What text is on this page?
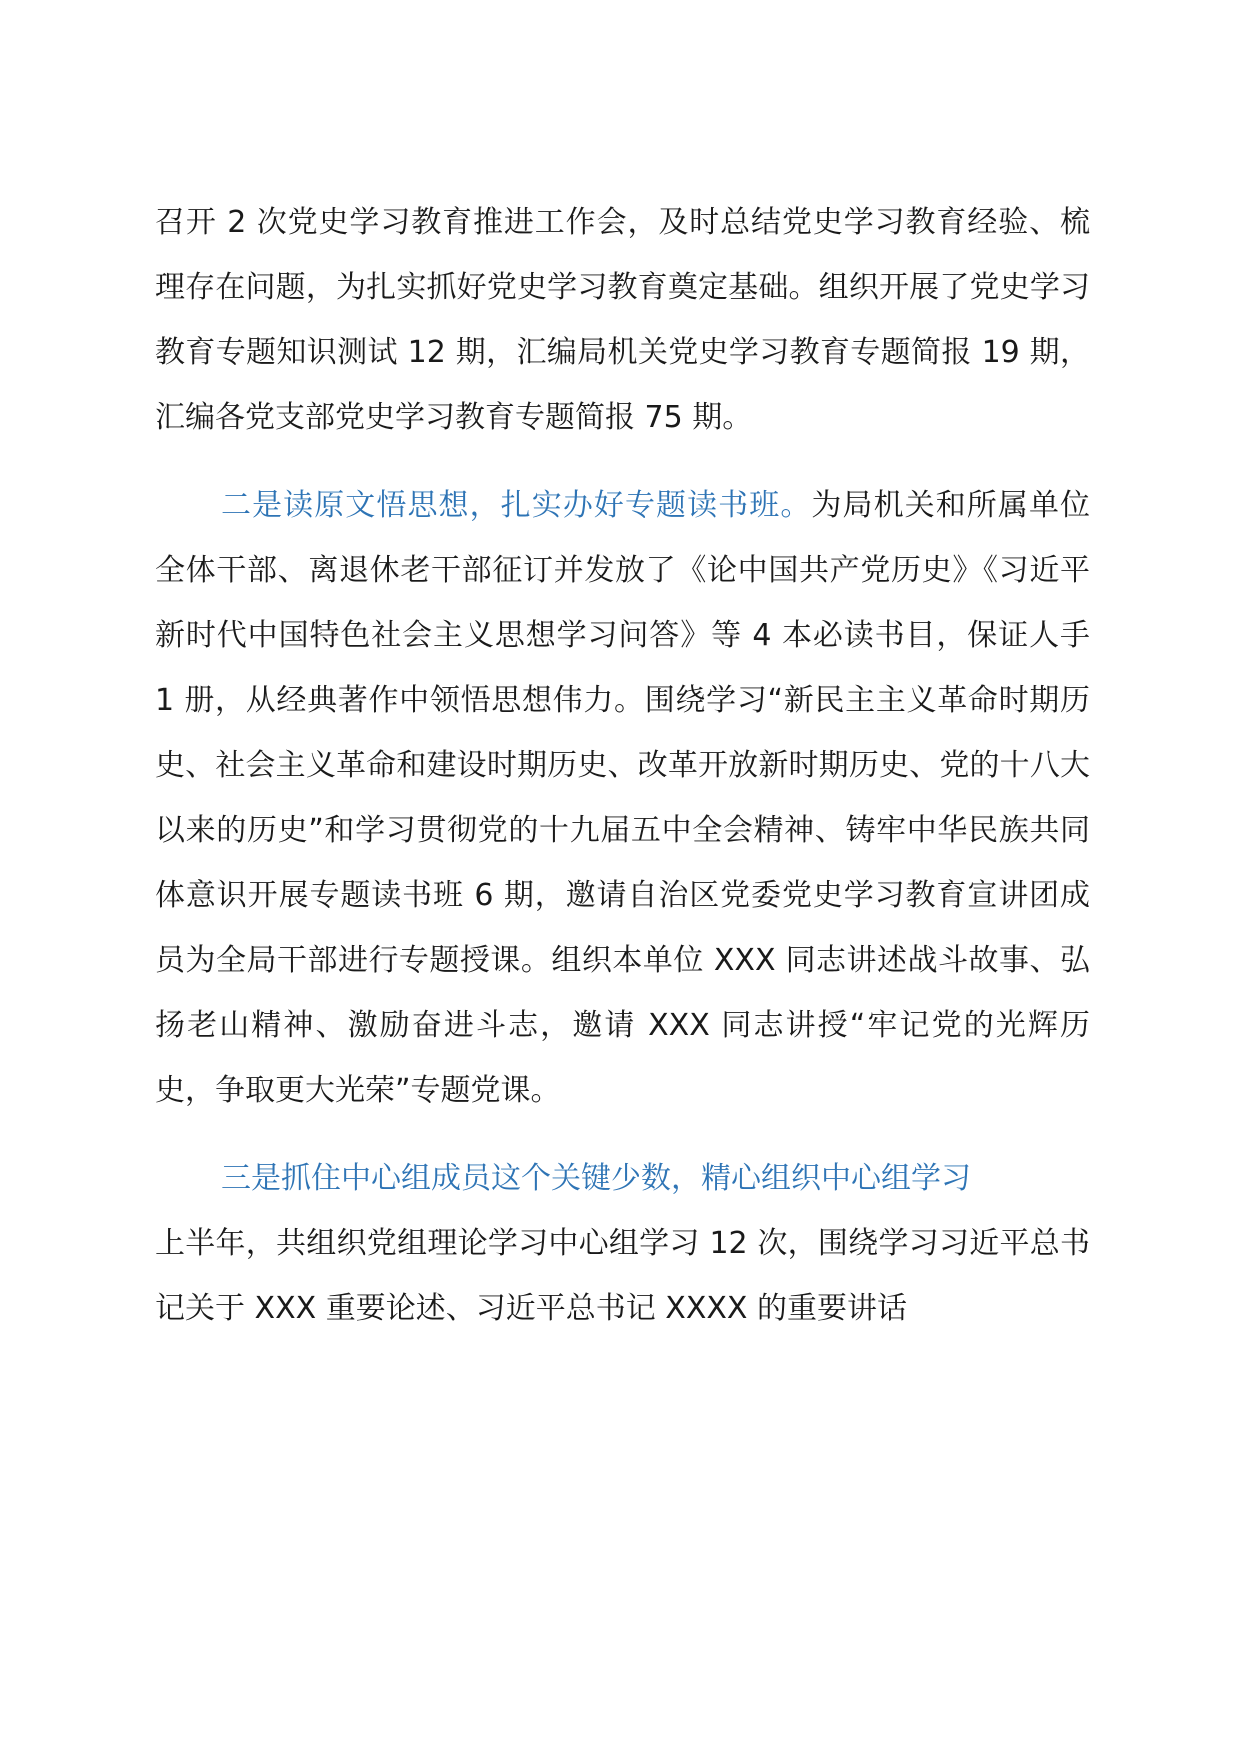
召开 2 次党史学习教育推进工作会，及时总结党史学习教育经验、梳理存在问题，为扎实抓好党史学习教育奠定基础。组织开展了党史学习教育专题知识测试 12 期，汇编局机关党史学习教育专题简报 19 期，汇编各党支部党史学习教育专题简报 75 期。

二是读原文悟思想，扎实办好专题读书班。为局机关和所属单位全体干部、离退休老干部征订并发放了《论中国共产党历史》《习近平新时代中国特色社会主义思想学习问答》等 4 本必读书目，保证人手 1 册，从经典著作中领悟思想伟力。围绕学习“新民主主义革命时期历史、社会主义革命和建设时期历史、改革开放新时期历史、党的十八大以来的历史”和学习贯彻党的十九届五中全会精神、铸牢中华民族共同体意识开展专题读书班 6 期，邀请自治区党委党史学习教育宣讲团成员为全局干部进行专题授课。组织本单位 XXX 同志讲述战斗故事、弘扬老山精神、激励奋进斗志，邀请 XXX 同志讲授“牢记党的光辉历史，争取更大光荣”专题党课。

三是抓住中心组成员这个关键少数，精心组织中心组学习
上半年，共组织党组理论学习中心组学习 12 次，围绕学习习近平总书记关于 XXX 重要论述、习近平总书记 XXXX 的重要讲话
